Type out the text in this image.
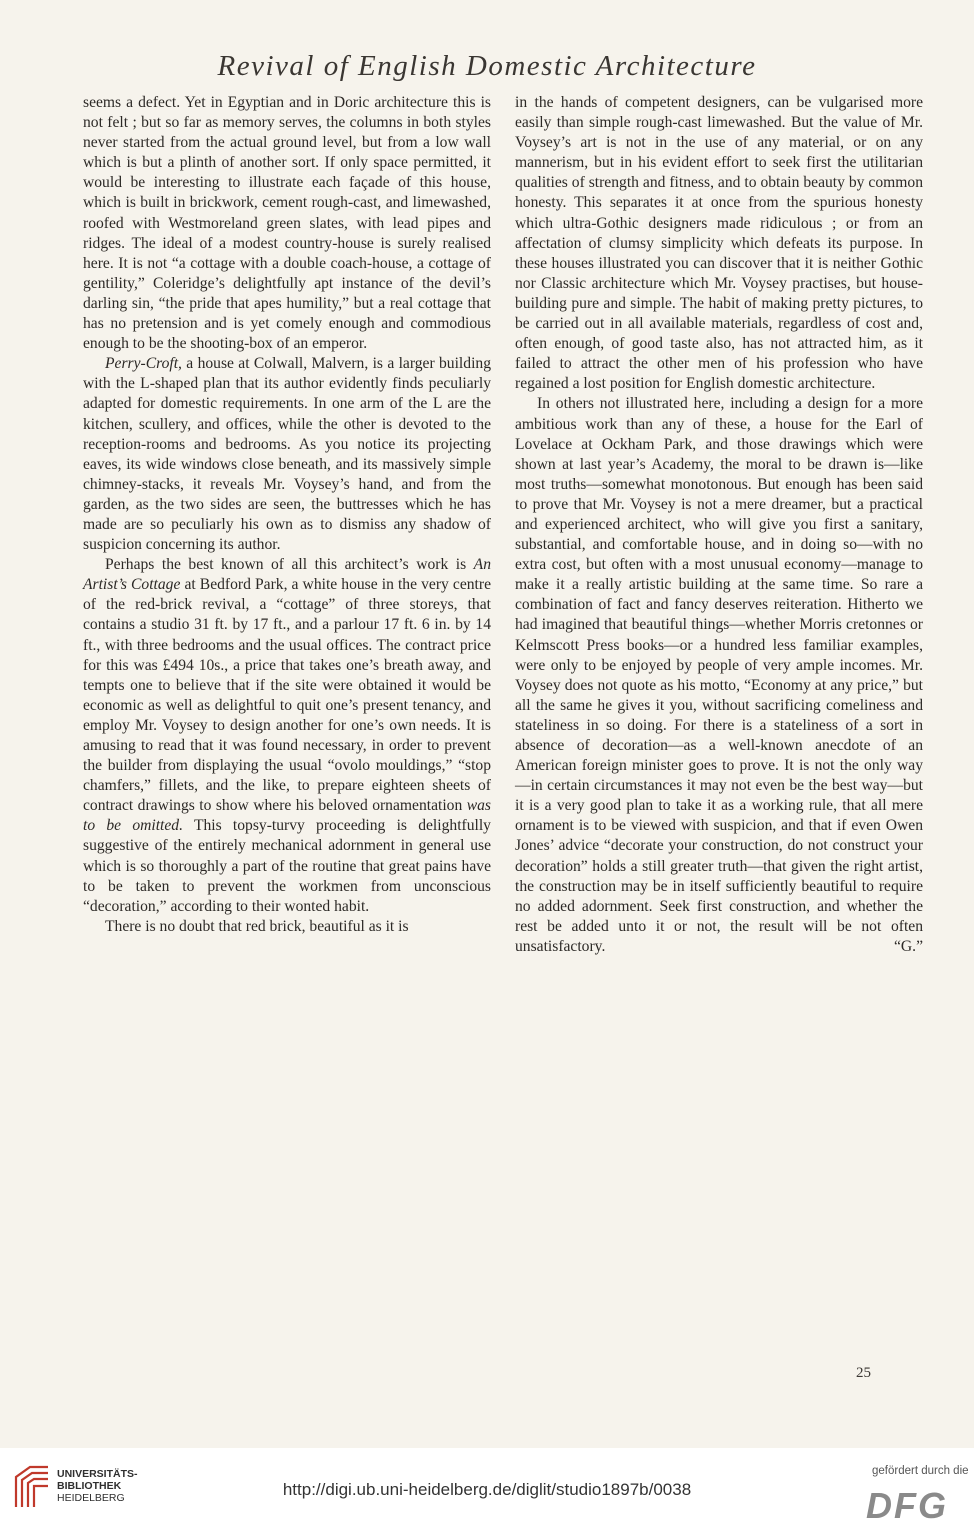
Revival of English Domestic Architecture

seems a defect. Yet in Egyptian and in Doric architecture this is not felt ; but so far as memory serves, the columns in both styles never started from the actual ground level, but from a low wall which is but a plinth of another sort. If only space permitted, it would be interesting to illustrate each façade of this house, which is built in brickwork, cement rough-cast, and limewashed, roofed with Westmoreland green slates, with lead pipes and ridges. The ideal of a modest country-house is surely realised here. It is not “a cottage with a double coach-house, a cottage of gentility,” Coleridge’s delightfully apt instance of the devil’s darling sin, “the pride that apes humility,” but a real cottage that has no pretension and is yet comely enough and commodious enough to be the shooting-box of an emperor.

Perry-Croft, a house at Colwall, Malvern, is a larger building with the L-shaped plan that its author evidently finds peculiarly adapted for domestic requirements. In one arm of the L are the kitchen, scullery, and offices, while the other is devoted to the reception-rooms and bedrooms. As you notice its projecting eaves, its wide windows close beneath, and its massively simple chimney-stacks, it reveals Mr. Voysey’s hand, and from the garden, as the two sides are seen, the buttresses which he has made are so peculiarly his own as to dismiss any shadow of suspicion concerning its author.

Perhaps the best known of all this architect’s work is An Artist’s Cottage at Bedford Park, a white house in the very centre of the red-brick revival, a “cottage” of three storeys, that contains a studio 31 ft. by 17 ft., and a parlour 17 ft. 6 in. by 14 ft., with three bedrooms and the usual offices. The contract price for this was £494 10s., a price that takes one’s breath away, and tempts one to believe that if the site were obtained it would be economic as well as delightful to quit one’s present tenancy, and employ Mr. Voysey to design another for one’s own needs. It is amusing to read that it was found necessary, in order to prevent the builder from displaying the usual “ovolo mouldings,” “stop chamfers,” fillets, and the like, to prepare eighteen sheets of contract drawings to show where his beloved ornamentation was to be omitted. This topsy-turvy proceeding is delightfully suggestive of the entirely mechanical adornment in general use which is so thoroughly a part of the routine that great pains have to be taken to prevent the workmen from unconscious “decoration,” according to their wonted habit.

There is no doubt that red brick, beautiful as it is

in the hands of competent designers, can be vulgarised more easily than simple rough-cast limewashed. But the value of Mr. Voysey’s art is not in the use of any material, or on any mannerism, but in his evident effort to seek first the utilitarian qualities of strength and fitness, and to obtain beauty by common honesty. This separates it at once from the spurious honesty which ultra-Gothic designers made ridiculous ; or from an affectation of clumsy simplicity which defeats its purpose. In these houses illustrated you can discover that it is neither Gothic nor Classic architecture which Mr. Voysey practises, but house-building pure and simple. The habit of making pretty pictures, to be carried out in all available materials, regardless of cost and, often enough, of good taste also, has not attracted him, as it failed to attract the other men of his profession who have regained a lost position for English domestic architecture.

In others not illustrated here, including a design for a more ambitious work than any of these, a house for the Earl of Lovelace at Ockham Park, and those drawings which were shown at last year’s Academy, the moral to be drawn is—like most truths—somewhat monotonous. But enough has been said to prove that Mr. Voysey is not a mere dreamer, but a practical and experienced architect, who will give you first a sanitary, substantial, and comfortable house, and in doing so—with no extra cost, but often with a most unusual economy—manage to make it a really artistic building at the same time. So rare a combination of fact and fancy deserves reiteration. Hitherto we had imagined that beautiful things—whether Morris cretonnes or Kelmscott Press books—or a hundred less familiar examples, were only to be enjoyed by people of very ample incomes. Mr. Voysey does not quote as his motto, “Economy at any price,” but all the same he gives it you, without sacrificing comeliness and stateliness in so doing. For there is a stateliness of a sort in absence of decoration—as a well-known anecdote of an American foreign minister goes to prove. It is not the only way—in certain circumstances it may not even be the best way—but it is a very good plan to take it as a working rule, that all mere ornament is to be viewed with suspicion, and that if even Owen Jones’ advice “decorate your construction, do not construct your decoration” holds a still greater truth—that given the right artist, the construction may be in itself sufficiently beautiful to require no added adornment. Seek first construction, and whether the rest be added unto it or not, the result will be not often unsatisfactory.	“G.”

25
UNIVERSITÄTS-
BIBLIOTHEK
HEIDELBERG	http://digi.ub.uni-heidelberg.de/diglit/studio1897b/0038
gefördert durch die
DFG
